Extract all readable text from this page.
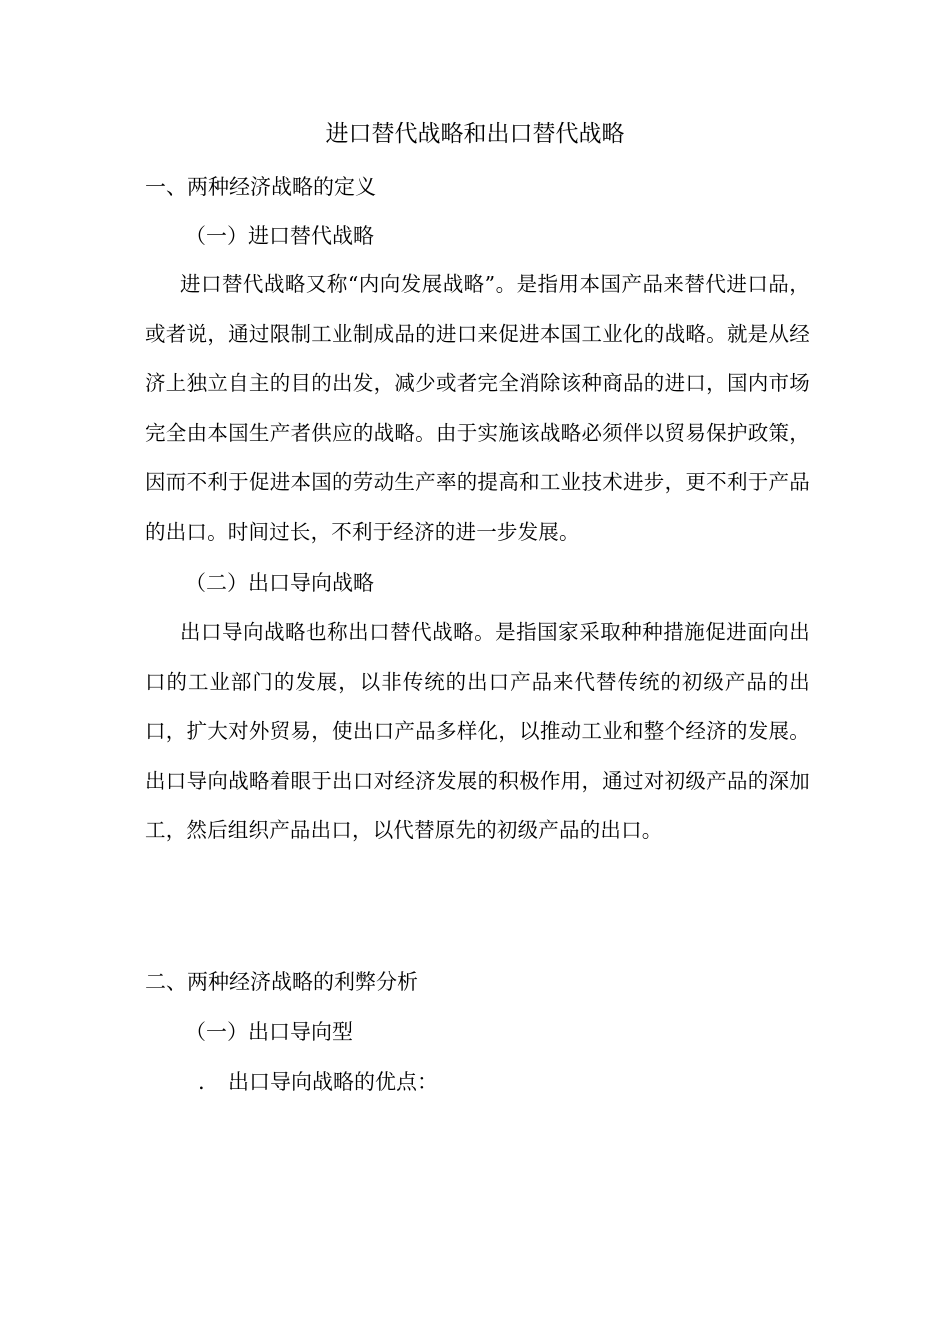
进口替代战略和出口替代战略
一、两种经济战略的定义
（一）进口替代战略

进口替代战略又称“内向发展战略”。是指用本国产品来替代进口品，或者说，通过限制工业制成品的进口来促进本国工业化的战略。就是从经济上独立自主的目的出发，减少或者完全消除该种商品的进口，国内市场完全由本国生产者供应的战略。由于实施该战略必须伴以贸易保护政策，因而不利于促进本国的劳动生产率的提高和工业技术进步，更不利于产品的出口。时间过长，不利于经济的进一步发展。

（二）出口导向战略

出口导向战略也称出口替代战略。是指国家采取种种措施促进面向出口的工业部门的发展，以非传统的出口产品来代替传统的初级产品的出口，扩大对外贸易，使出口产品多样化，以推动工业和整个经济的发展。出口导向战略着眼于出口对经济发展的积极作用，通过对初级产品的深加工，然后组织产品出口，以代替原先的初级产品的出口。

二、两种经济战略的利弊分析
（一）出口导向型
. 出口导向战略的优点：
